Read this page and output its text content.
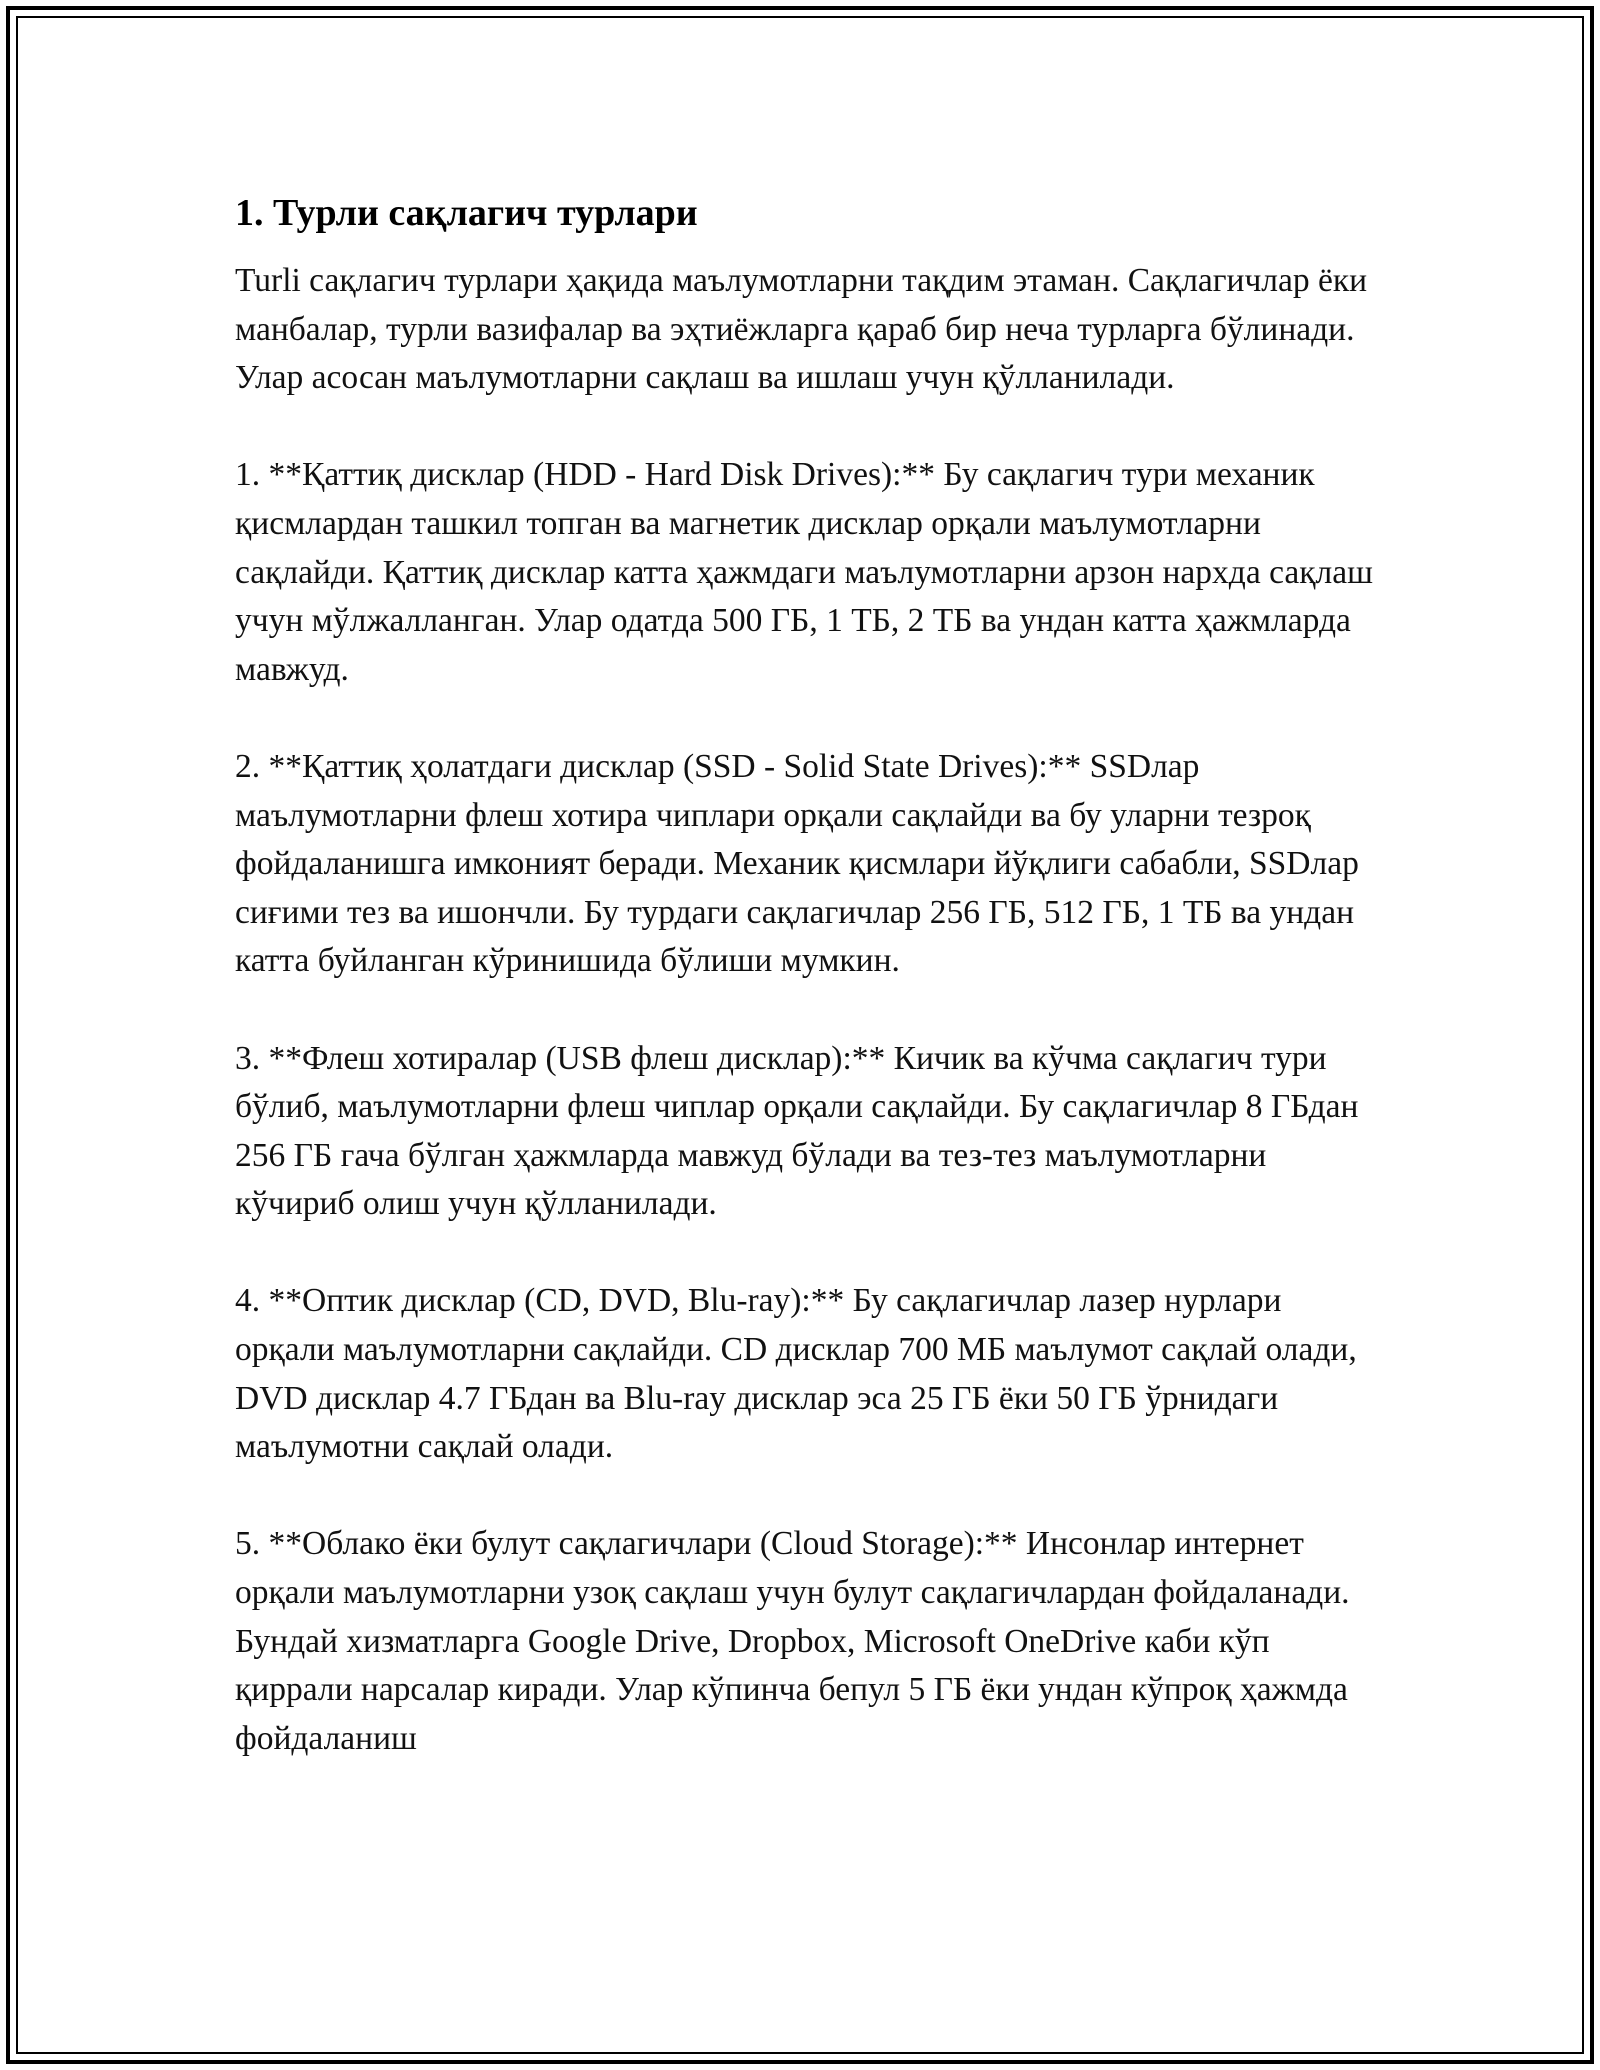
1. Турли сақлагич турлари

Turli сақлагич турлари ҳақида маълумотларни тақдим этаман. Сақлагичлар ёки манбалар, турли вазифалар ва эҳтиёжларга қараб бир неча турларга бўлинади. Улар асосан маълумотларни сақлаш ва ишлаш учун қўлланилади.

1. **Қаттиқ дисклар (HDD - Hard Disk Drives):** Бу сақлагич тури механик қисмлардан ташкил топган ва магнетик дисклар орқали маълумотларни сақлайди. Қаттиқ дисклар катта ҳажмдаги маълумотларни арзон нархда сақлаш учун мўлжалланган. Улар одатда 500 ГБ, 1 ТБ, 2 ТБ ва ундан катта ҳажмларда мавжуд.

2. **Қаттиқ ҳолатдаги дисклар (SSD - Solid State Drives):** SSDлар маълумотларни флеш хотира чиплари орқали сақлайди ва бу уларни тезроқ фойдаланишга имконият беради. Механик қисмлари йўқлиги сабабли, SSDлар сиғими тез ва ишончли. Бу турдаги сақлагичлар 256 ГБ, 512 ГБ, 1 ТБ ва ундан катта буйланган кўринишида бўлиши мумкин.

3. **Флеш хотиралар (USB флеш дисклар):** Кичик ва кўчма сақлагич тури бўлиб, маълумотларни флеш чиплар орқали сақлайди. Бу сақлагичлар 8 ГБдан 256 ГБ гача бўлган ҳажмларда мавжуд бўлади ва тез-тез маълумотларни кўчириб олиш учун қўлланилади.

4. **Оптик дисклар (CD, DVD, Blu-ray):** Бу сақлагичлар лазер нурлари орқали маълумотларни сақлайди. CD дисклар 700 МБ маълумот сақлай олади, DVD дисклар 4.7 ГБдан ва Blu-ray дисклар эса 25 ГБ ёки 50 ГБ ўрнидаги маълумотни сақлай олади.

5. **Облако ёки булут сақлагичлари (Cloud Storage):** Инсонлар интернет орқали маълумотларни узоқ сақлаш учун булут сақлагичлардан фойдаланади. Бундай хизматларга Google Drive, Dropbox, Microsoft OneDrive каби кўп қиррали нарсалар киради. Улар кўпинча бепул 5 ГБ ёки ундан кўпроқ ҳажмда фойдаланиш
